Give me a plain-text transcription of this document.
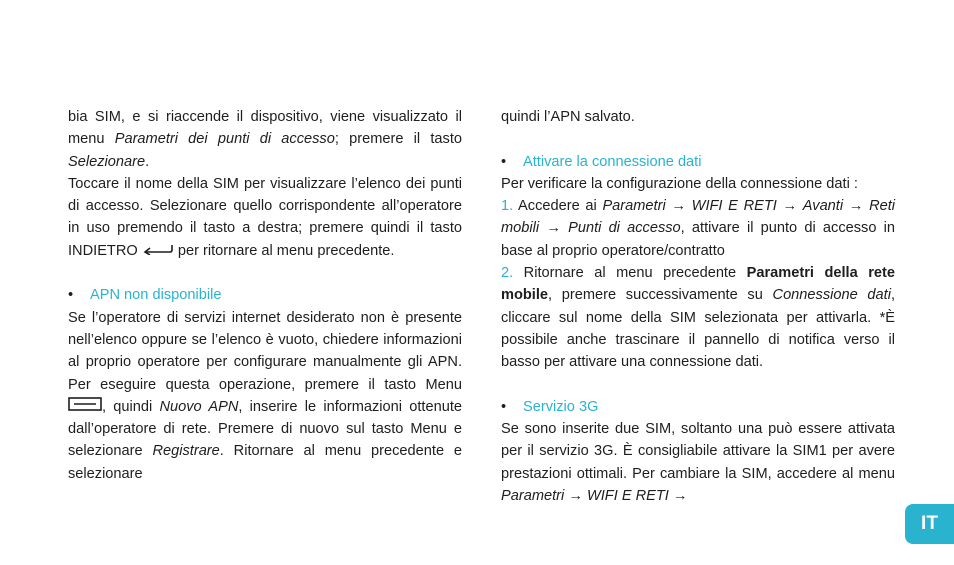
bia SIM, e si riaccende il dispositivo, viene visualizzato il menu Parametri dei punti di accesso; premere il tasto Selezionare.

Toccare il nome della SIM per visualizzare l’elenco dei punti di accesso. Selezionare quello corrispondente all’operatore in uso premendo il tasto a destra; premere quindi il tasto INDIETRO  per ritornare al menu precedente.

• APN non disponibile

Se l’operatore di servizi internet desiderato non è presente nell’elenco oppure se l’elenco è vuoto, chiedere informazioni al proprio operatore per configurare manualmente gli APN. Per eseguire questa operazione, premere il tasto Menu , quindi Nuovo APN, inserire le informazioni ottenute dall’operatore di rete. Premere di nuovo sul tasto Menu e selezionare Registrare. Ritornare al menu precedente e selezionare

quindi l’APN salvato.

• Attivare la connessione dati

Per verificare la configurazione della connessione dati :

1. Accedere ai Parametri → WIFI E RETI → Avanti → Reti mobili → Punti di accesso, attivare il punto di accesso in base al proprio operatore/contratto

2. Ritornare al menu precedente Parametri della rete mobile, premere successivamente su Connessione dati, cliccare sul nome della SIM selezionata per attivarla. *È possibile anche trascinare il pannello di notifica verso il basso per attivare una connessione dati.

• Servizio 3G

Se sono inserite due SIM, soltanto una può essere attivata per il servizio 3G. È consigliabile attivare la SIM1 per avere prestazioni ottimali. Per cambiare la SIM, accedere al menu Parametri → WIFI E RETI →

IT
